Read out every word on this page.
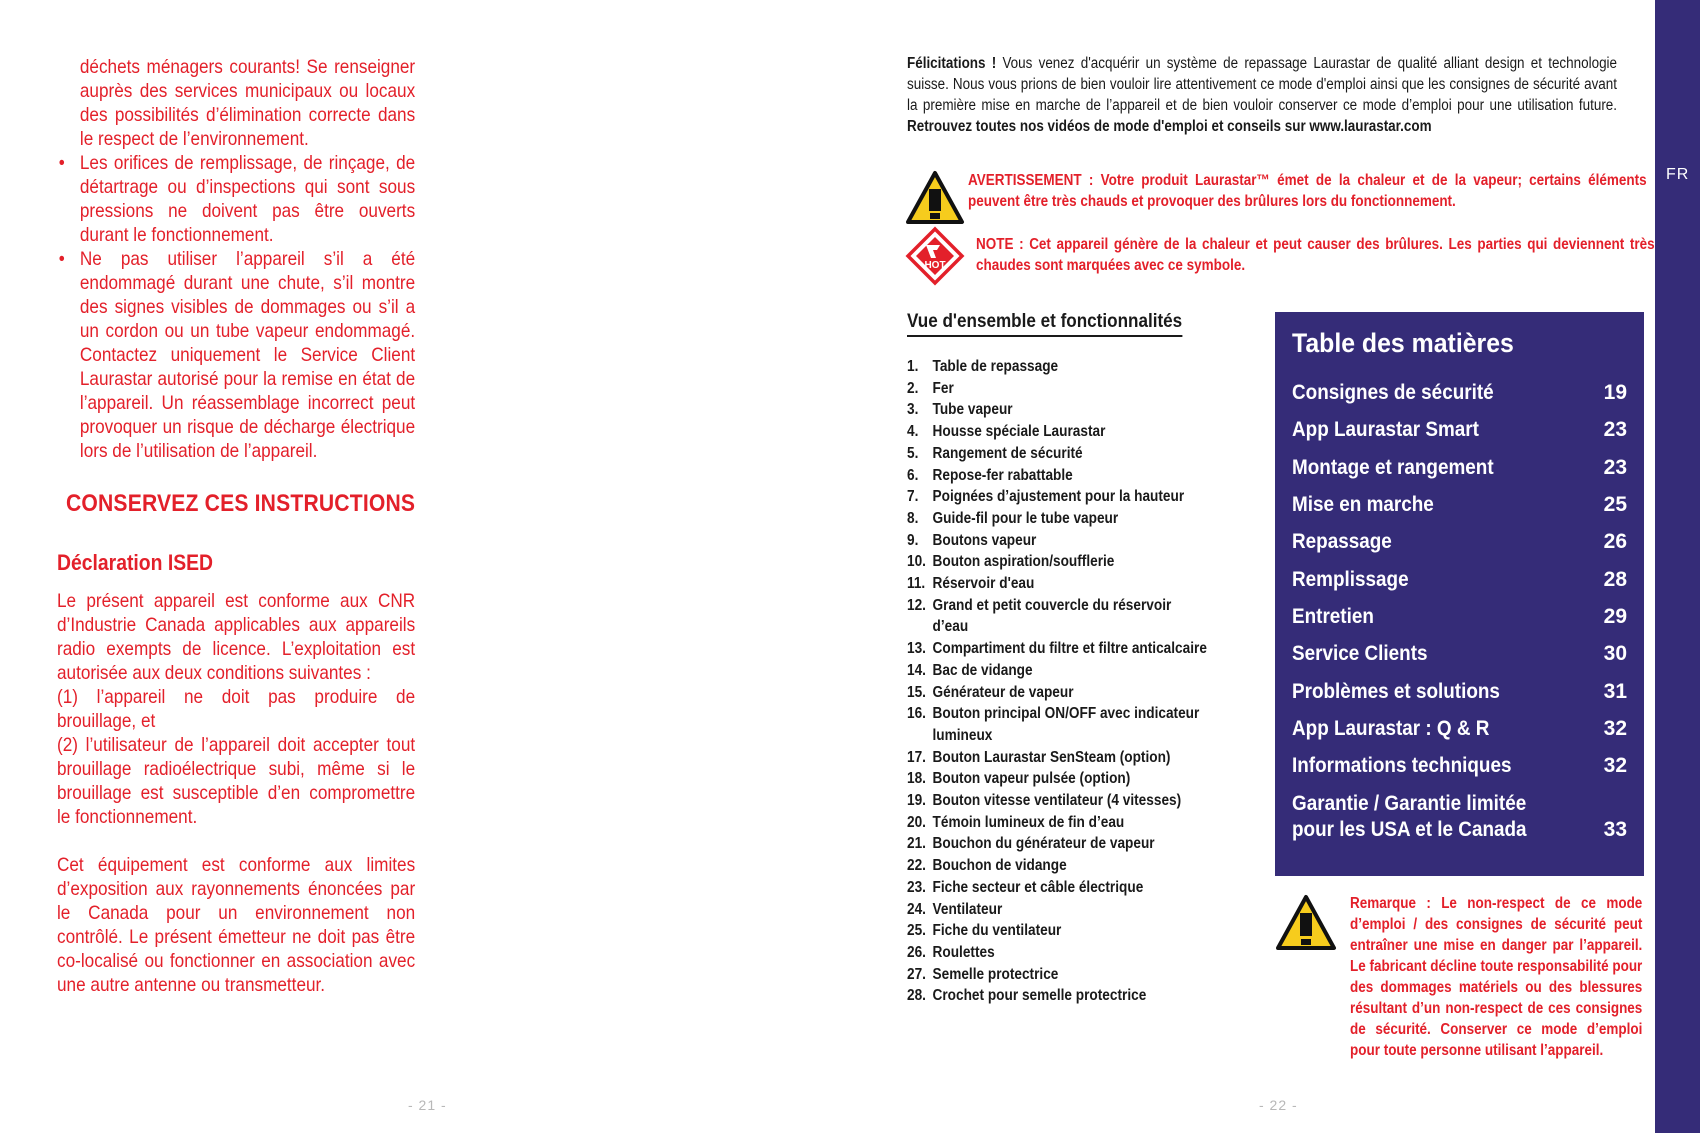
déchets ménagers courants! Se renseigner auprès des services municipaux ou locaux des possibilités d’élimination correcte dans le respect de l’environnement.

• Les orifices de remplissage, de rinçage, de détartrage ou d’inspections qui sont sous pressions ne doivent pas être ouverts durant le fonctionnement.

• Ne pas utiliser l’appareil s’il a été endommagé durant une chute, s’il montre des signes visibles de dommages ou s’il a un cordon ou un tube vapeur endommagé. Contactez uniquement le Service Client Laurastar autorisé pour la remise en état de l’appareil. Un réassemblage incorrect peut provoquer un risque de décharge électrique lors de l’utilisation de l’appareil.

CONSERVEZ CES INSTRUCTIONS
Déclaration ISED

Le présent appareil est conforme aux CNR d’Industrie Canada applicables aux appareils radio exempts de licence. L’exploitation est autorisée aux deux conditions suivantes :

(1) l’appareil ne doit pas produire de brouillage, et

(2) l’utilisateur de l’appareil doit accepter tout brouillage radioélectrique subi, même si le brouillage est susceptible d’en compromettre le fonctionnement.

Cet équipement est conforme aux limites d’exposition aux rayonnements énoncées par le Canada pour un environnement non contrôlé. Le présent émetteur ne doit pas être co-localisé ou fonctionner en association avec une autre antenne ou transmetteur.

- 21 -
Félicitations ! Vous venez d'acquérir un système de repassage Laurastar de qualité alliant design et technologie suisse. Nous vous prions de bien vouloir lire attentivement ce mode d'emploi ainsi que les consignes de sécurité avant la première mise en marche de l’appareil et de bien vouloir conserver ce mode d’emploi pour une utilisation future. Retrouvez toutes nos vidéos de mode d'emploi et conseils sur www.laurastar.com
AVERTISSEMENT : Votre produit Laurastar™ émet de la chaleur et de la vapeur; certains éléments peuvent être très chauds et provoquer des brûlures lors du fonctionnement.
HOT
NOTE : Cet appareil génère de la chaleur et peut causer des brûlures. Les parties qui deviennent très chaudes sont marquées avec ce symbole.
Vue d'ensemble et fonctionnalités
1. Table de repassage
2. Fer
3. Tube vapeur
4. Housse spéciale Laurastar
5. Rangement de sécurité
6. Repose-fer rabattable
7. Poignées d’ajustement pour la hauteur
8. Guide-fil pour le tube vapeur
9. Boutons vapeur
10. Bouton aspiration/soufflerie
11. Réservoir d'eau
12. Grand et petit couvercle du réservoir d’eau
13. Compartiment du filtre et filtre anticalcaire
14. Bac de vidange
15. Générateur de vapeur
16. Bouton principal ON/OFF avec indicateur lumineux
17. Bouton Laurastar SenSteam (option)
18. Bouton vapeur pulsée (option)
19. Bouton vitesse ventilateur (4 vitesses)
20. Témoin lumineux de fin d’eau
21. Bouchon du générateur de vapeur
22. Bouchon de vidange
23. Fiche secteur et câble électrique
24. Ventilateur
25. Fiche du ventilateur
26. Roulettes
27. Semelle protectrice
28. Crochet pour semelle protectrice
Table des matières
Consignes de sécurité	19
App Laurastar Smart	23
Montage et rangement	23
Mise en marche	25
Repassage	26
Remplissage	28
Entretien	29
Service Clients	30
Problèmes et solutions	31
App Laurastar : Q & R	32
Informations techniques	32
Garantie / Garantie limitée
pour les USA et le Canada	33
Remarque : Le non-respect de ce mode d’emploi / des consignes de sécurité peut entraîner une mise en danger par l’appareil. Le fabricant décline toute responsabilité pour des dommages matériels ou des blessures résultant d’un non-respect de ces consignes de sécurité. Conserver ce mode d’emploi pour toute personne utilisant l’appareil.
- 22 -
FR
